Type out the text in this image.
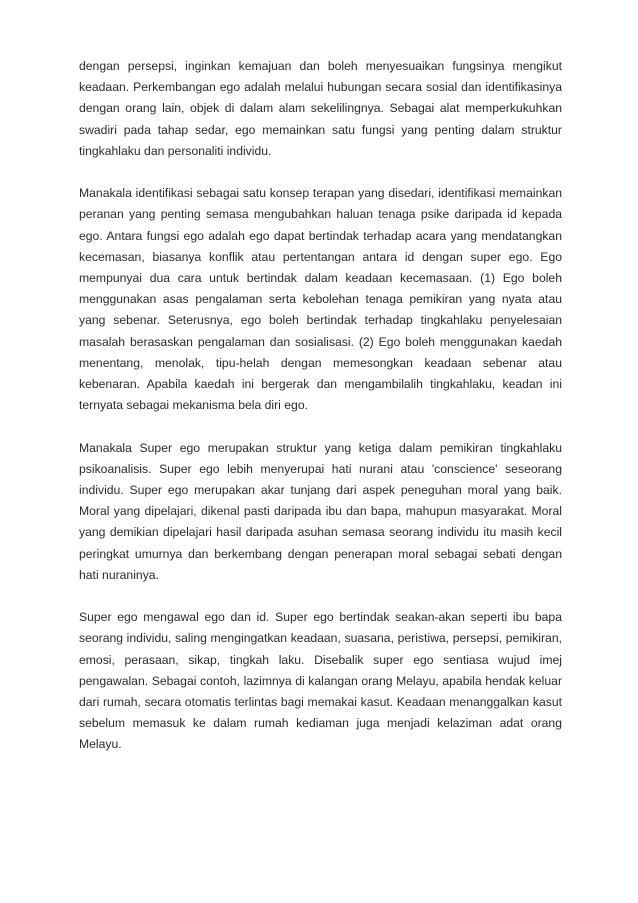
dengan persepsi, inginkan kemajuan dan boleh menyesuaikan fungsinya mengikut keadaan. Perkembangan ego adalah melalui hubungan secara sosial dan identifikasinya dengan orang lain, objek di dalam alam sekelilingnya. Sebagai alat memperkukuhkan swadiri pada tahap sedar, ego memainkan satu fungsi yang penting dalam struktur tingkahlaku dan personaliti individu.

Manakala identifikasi sebagai satu konsep terapan yang disedari, identifikasi memainkan peranan yang penting semasa mengubahkan haluan tenaga psike daripada id kepada ego. Antara fungsi ego adalah ego dapat bertindak terhadap acara yang mendatangkan kecemasan, biasanya konflik atau pertentangan antara id dengan super ego. Ego mempunyai dua cara untuk bertindak dalam keadaan kecemasaan. (1) Ego boleh menggunakan asas pengalaman serta kebolehan tenaga pemikiran yang nyata atau yang sebenar. Seterusnya, ego boleh bertindak terhadap tingkahlaku penyelesaian masalah berasaskan pengalaman dan sosialisasi. (2) Ego boleh menggunakan kaedah menentang, menolak, tipu-helah dengan memesongkan keadaan sebenar atau kebenaran. Apabila kaedah ini bergerak dan mengambilalih tingkahlaku, keadan ini ternyata sebagai mekanisma bela diri ego.

Manakala Super ego merupakan struktur yang ketiga dalam pemikiran tingkahlaku psikoanalisis. Super ego lebih menyerupai hati nurani atau 'conscience' seseorang individu. Super ego merupakan akar tunjang dari aspek peneguhan moral yang baik. Moral yang dipelajari, dikenal pasti daripada ibu dan bapa, mahupun masyarakat. Moral yang demikian dipelajari hasil daripada asuhan semasa seorang individu itu masih kecil peringkat umurnya dan berkembang dengan penerapan moral sebagai sebati dengan hati nuraninya.

Super ego mengawal ego dan id. Super ego bertindak seakan-akan seperti ibu bapa seorang individu, saling mengingatkan keadaan, suasana, peristiwa, persepsi, pemikiran, emosi, perasaan, sikap, tingkah laku. Disebalik super ego sentiasa wujud imej pengawalan. Sebagai contoh, lazimnya di kalangan orang Melayu, apabila hendak keluar dari rumah, secara otomatis terlintas bagi memakai kasut. Keadaan menanggalkan kasut sebelum memasuk ke dalam rumah kediaman juga menjadi kelaziman adat orang Melayu.
